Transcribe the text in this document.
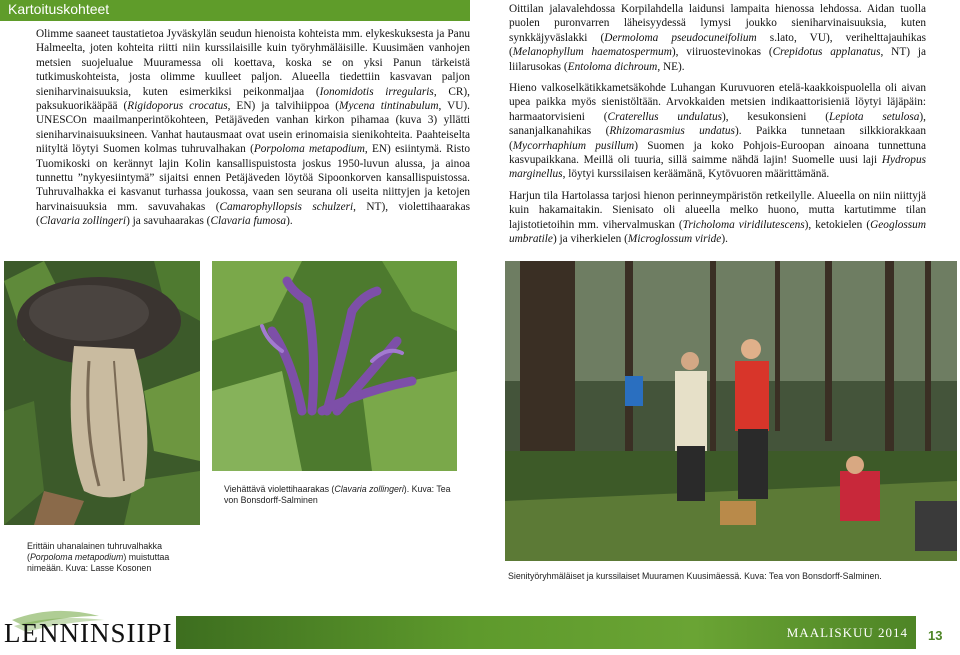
Kartoituskohteet

Olimme saaneet taustatietoa Jyväskylän seudun hienoista kohteista mm. elykeskuksesta ja Panu Halmeelta, joten kohteita riitti niin kurssilaisille kuin työryhmäläisille. Kuusimäen vanhojen metsien suojelualue Muuramessa oli koettava, koska se on yksi Panun tärkeistä tutkimuskohteista, josta olimme kuulleet paljon. Alueella tiedettiin kasvavan paljon sieniharvinaisuuksia, kuten esimerkiksi peikonmaljaa (Ionomidotis irregularis, CR), paksukuorikääpää (Rigidoporus crocatus, EN) ja talvihiippoa (Mycena tintinabulum, VU). UNESCOn maailmanperintökohteen, Petäjäveden vanhan kirkon pihamaa (kuva 3) yllätti sieniharvinaisuuksineen. Vanhat hautausmaat ovat usein erinomaisia sienikohteita. Paahteiselta niityltä löytyi Suomen kolmas tuhruvalhakan (Porpoloma metapodium, EN) esiintymä. Risto Tuomikoski on kerännyt lajin Kolin kansallispuistosta joskus 1950-luvun alussa, ja ainoa tunnettu ”nykyesiintymä” sijaitsi ennen Petäjäveden löytöä Sipoonkorven kansallispuistossa. Tuhruvalhakka ei kasvanut turhassa joukossa, vaan sen seurana oli useita niittyjen ja ketojen harvinaisuuksia mm. savuvahakas (Camarophyllopsis schulzeri, NT), violettihaarakas (Clavaria zollingeri) ja savuhaarakas (Clavaria fumosa).

Oittilan jalavalehdossa Korpilahdella laidunsi lampaita hienossa lehdossa. Aidan tuolla puolen puronvarren läheisyydessä lymysi joukko sieniharvinaisuuksia, kuten synkkäjyväslakki (Dermoloma pseudocuneifolium s.lato, VU), verihelttajauhikas (Melanophyllum haematospermum), viiruostevinokas (Crepidotus applanatus, NT) ja liilarusokas (Entoloma dichroum, NE).

Hieno valkoselkätikkametsäkohde Luhangan Kuruvuoren etelä-kaakkoispuolella oli aivan upea paikka myös sienistöltään. Arvokkaiden metsien indikaattorisieniä löytyi läjäpäin: harmaatorvisieni (Craterellus undulatus), kesukonsieni (Lepiota setulosa), sananjalkanahikas (Rhizomarasmius undatus). Paikka tunnetaan silkkiorakkaan (Mycorrhaphium pusillum) Suomen ja koko Pohjois-Euroopan ainoana tunnettuna kasvupaikkana. Meillä oli tuuria, sillä saimme nähdä lajin! Suomelle uusi laji Hydropus marginellus, löytyi kurssilaisen keräämänä, Kytövuoren määrittämänä.

Harjun tila Hartolassa tarjosi hienon perinneympäristön retkeilylle. Alueella on niin niittyjä kuin hakamaitakin. Sienisato oli alueella melko huono, mutta kartutimme tilan lajistotietoihin mm. vihervalmuskan (Tricholoma viridilutescens), ketokielen (Geoglossum umbratile) ja viherkielen (Microglossum viride).

Viehättävä violettihaarakas (Clavaria zollingeri). Kuva: Tea von Bonsdorff-Salminen
Erittäin uhanalainen tuhruvalhakka (Porpoloma metapodium) muistuttaa nimeään. Kuva: Lasse Kosonen
Sienityöryhmäläiset ja kurssilaiset Muuramen Kuusimäessä. Kuva: Tea von Bonsdorff-Salminen.
LENNINSIIPI	MAALISKUU 2014 13
